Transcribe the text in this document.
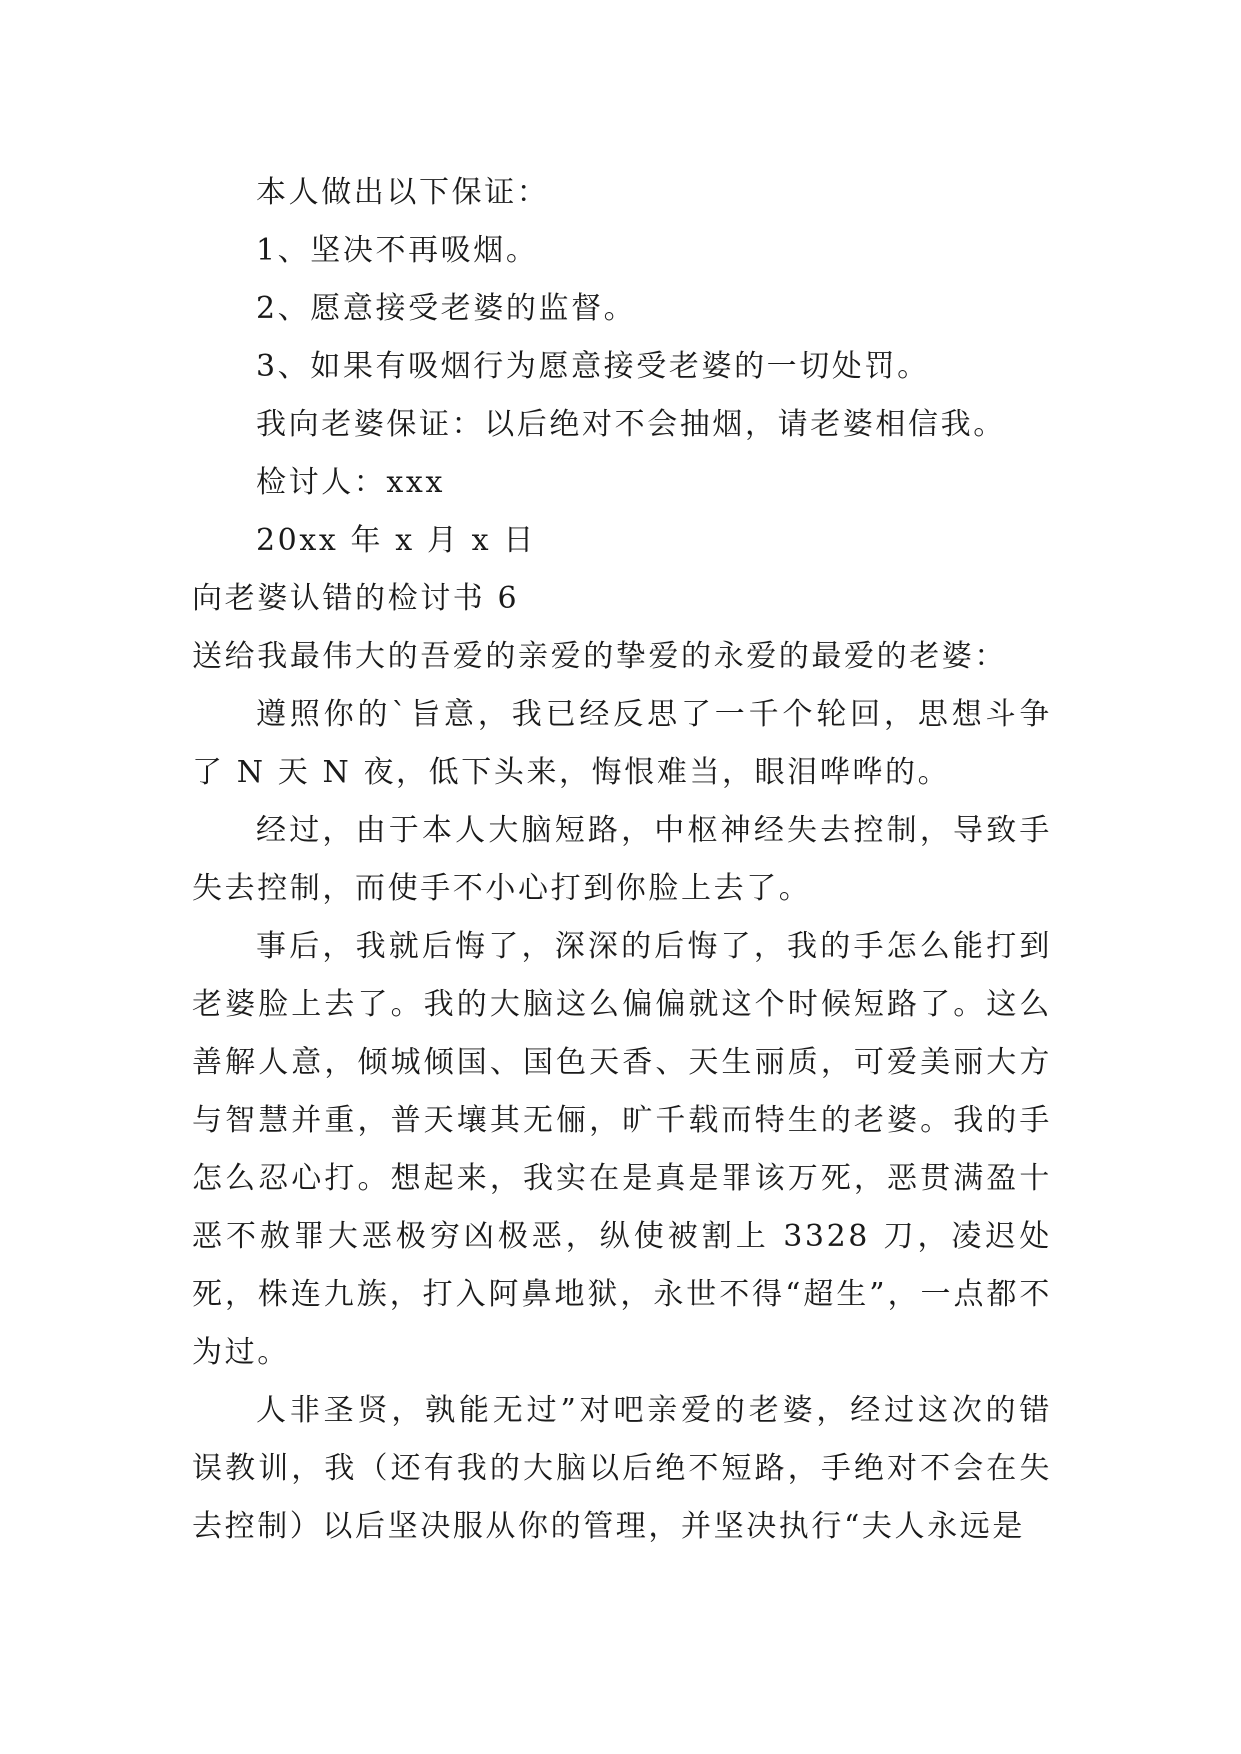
本人做出以下保证：
1、坚决不再吸烟。
2、愿意接受老婆的监督。
3、如果有吸烟行为愿意接受老婆的一切处罚。
我向老婆保证：以后绝对不会抽烟，请老婆相信我。
检讨人：xxx
20xx 年 x 月 x 日
向老婆认错的检讨书 6
送给我最伟大的吾爱的亲爱的挚爱的永爱的最爱的老婆：

遵照你的`旨意，我已经反思了一千个轮回，思想斗争了 N 天 N 夜，低下头来，悔恨难当，眼泪哗哗的。

经过，由于本人大脑短路，中枢神经失去控制，导致手失去控制，而使手不小心打到你脸上去了。

事后，我就后悔了，深深的后悔了，我的手怎么能打到老婆脸上去了。我的大脑这么偏偏就这个时候短路了。这么善解人意，倾城倾国、国色天香、天生丽质，可爱美丽大方与智慧并重，普天壤其无俪，旷千载而特生的老婆。我的手怎么忍心打。想起来，我实在是真是罪该万死，恶贯满盈十恶不赦罪大恶极穷凶极恶，纵使被割上 3328 刀，凌迟处死，株连九族，打入阿鼻地狱，永世不得“超生”，一点都不为过。

人非圣贤，孰能无过”对吧亲爱的老婆，经过这次的错误教训，我（还有我的大脑以后绝不短路，手绝对不会在失去控制）以后坚决服从你的管理，并坚决执行“夫人永远是
